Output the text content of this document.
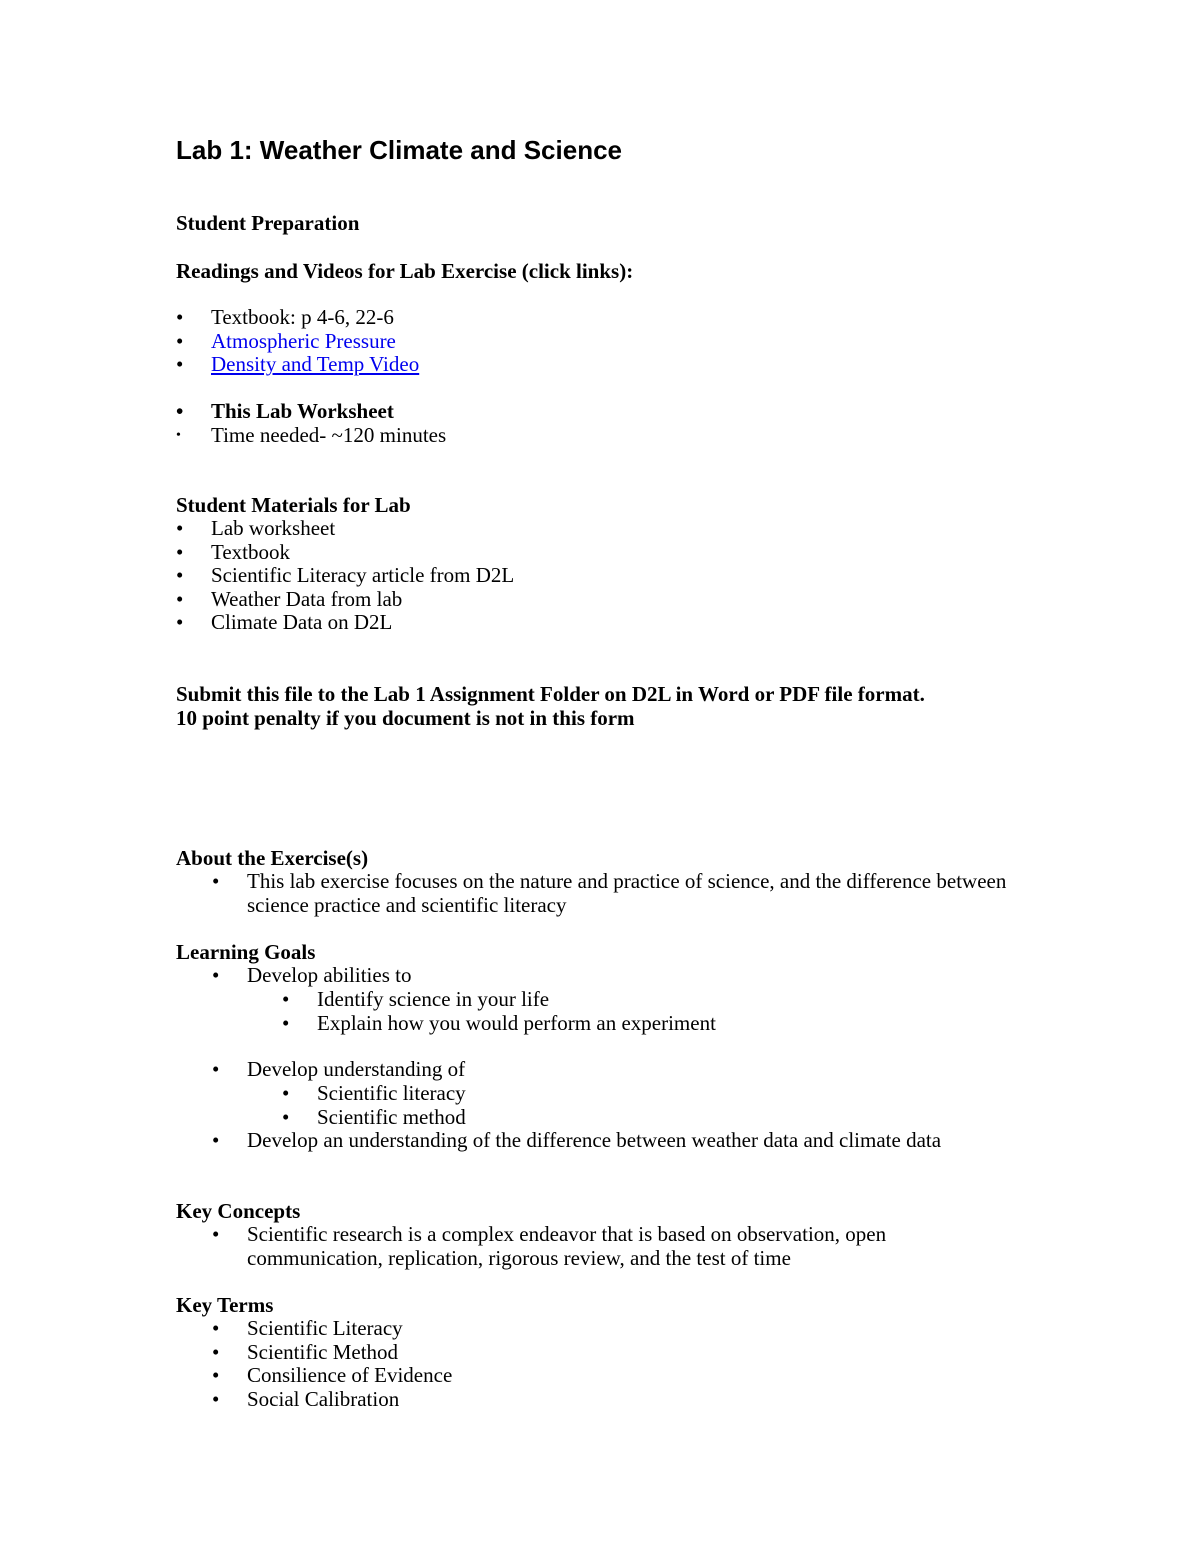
Lab 1: Weather Climate and Science
Student Preparation
Readings and Videos for Lab Exercise (click links):
•	Textbook: p 4-6, 22-6
•	Atmospheric Pressure
•	Density and Temp Video
•	This Lab Worksheet
•	Time needed- ~120 minutes
Student Materials for Lab
•	Lab worksheet
•	Textbook
•	Scientific Literacy article from D2L
•	Weather Data from lab
•	Climate Data on D2L
Submit this file to the Lab 1 Assignment Folder on D2L in Word or PDF file format.
10 point penalty if you document is not in this form
About the Exercise(s)
•	This lab exercise focuses on the nature and practice of science, and the difference between science practice and scientific literacy
Learning Goals
•	Develop abilities to
•	Identify science in your life
•	Explain how you would perform an experiment
•	Develop understanding of
•	Scientific literacy
•	Scientific method
•	Develop an understanding of the difference between weather data and climate data
Key Concepts
•	Scientific research is a complex endeavor that is based on observation, open communication, replication, rigorous review, and the test of time
Key Terms
•	Scientific Literacy
•	Scientific Method
•	Consilience of Evidence
•	Social Calibration
